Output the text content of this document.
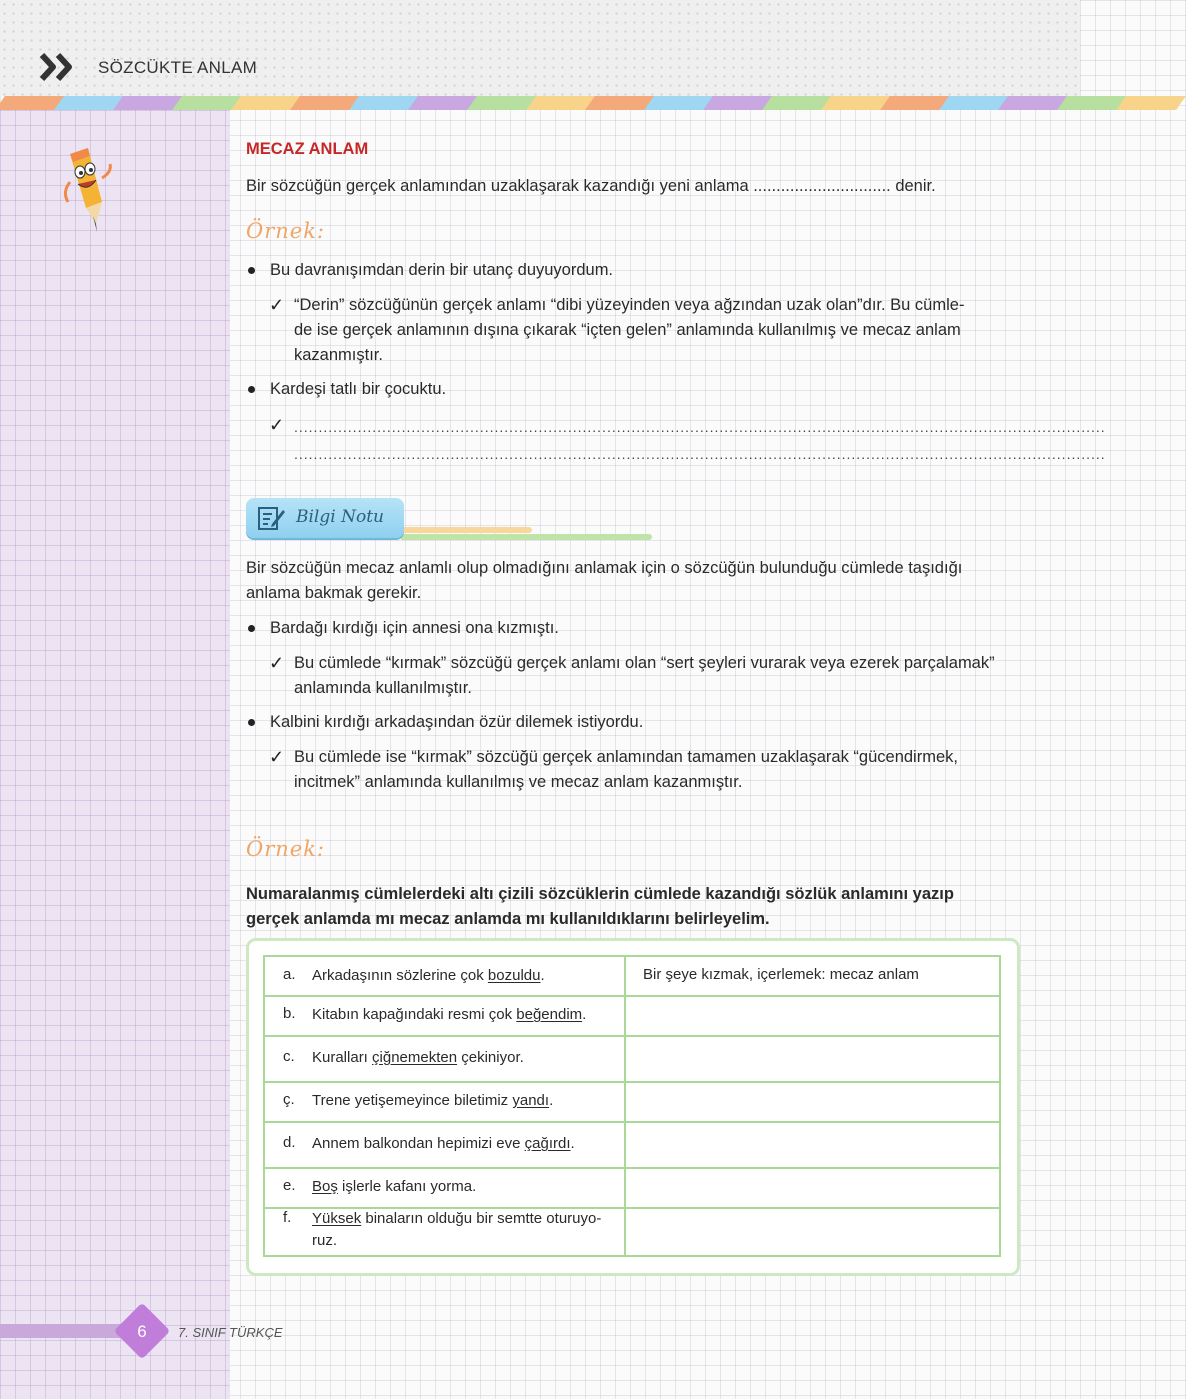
SÖZCÜKTE ANLAM
MECAZ ANLAM
Bir sözcüğün gerçek anlamından uzaklaşarak kazandığı yeni anlama .............................. denir.
Örnek:
Bu davranışımdan derin bir utanç duyuyordum.
✓ “Derin” sözcüğünün gerçek anlamı “dibi yüzeyinden veya ağzından uzak olan”dır. Bu cümle-
de ise gerçek anlamının dışına çıkarak “içten gelen” anlamında kullanılmış ve mecaz anlam
kazanmıştır.
Kardeşi tatlı bir çocuktu.
✓ ......................................................................................................................................................................
......................................................................................................................................................................
Bilgi Notu
Bir sözcüğün mecaz anlamlı olup olmadığını anlamak için o sözcüğün bulunduğu cümlede taşıdığı
anlama bakmak gerekir.
Bardağı kırdığı için annesi ona kızmıştı.
✓ Bu cümlede “kırmak” sözcüğü gerçek anlamı olan “sert şeyleri vurarak veya ezerek parçalamak”
anlamında kullanılmıştır.
Kalbini kırdığı arkadaşından özür dilemek istiyordu.
✓ Bu cümlede ise “kırmak” sözcüğü gerçek anlamından tamamen uzaklaşarak “gücendirmek,
incitmek” anlamında kullanılmış ve mecaz anlam kazanmıştır.
Örnek:
Numaralanmış cümlelerdeki altı çizili sözcüklerin cümlede kazandığı sözlük anlamını yazıp
gerçek anlamda mı mecaz anlamda mı kullanıldıklarını belirleyelim.
a. Arkadaşının sözlerine çok bozuldu.	Bir şeye kızmak, içerlemek: mecaz anlam
b. Kitabın kapağındaki resmi çok beğendim.
c. Kuralları çiğnemekten çekiniyor.
ç. Trene yetişemeyince biletimiz yandı.
d. Annem balkondan hepimizi eve çağırdı.
e. Boş işlerle kafanı yorma.
f. Yüksek binaların olduğu bir semtte oturuyo-
ruz.
6	7. SINIF TÜRKÇE
